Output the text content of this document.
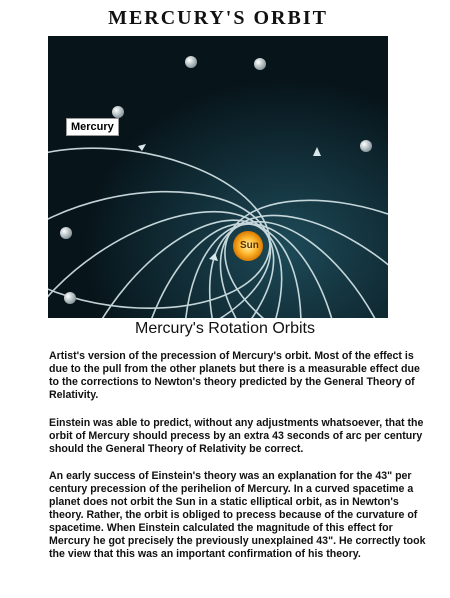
MERCURY'S ORBIT
Mercury
Sun
Mercury's Rotation Orbits

Artist's version of the precession of Mercury's orbit. Most of the effect is due to the pull from the other planets but there is a measurable effect due to the corrections to Newton's theory predicted by the General Theory of Relativity.

Einstein was able to predict, without any adjustments whatsoever, that the orbit of Mercury should precess by an extra 43 seconds of arc per century should the General Theory of Relativity be correct.

An early success of Einstein's theory was an explanation for the 43" per century precession of the perihelion of Mercury. In a curved spacetime a planet does not orbit the Sun in a static elliptical orbit, as in Newton's theory. Rather, the orbit is obliged to precess because of the curvature of spacetime. When Einstein calculated the magnitude of this effect for Mercury he got precisely the previously unexplained 43". He correctly took the view that this was an important confirmation of his theory.
